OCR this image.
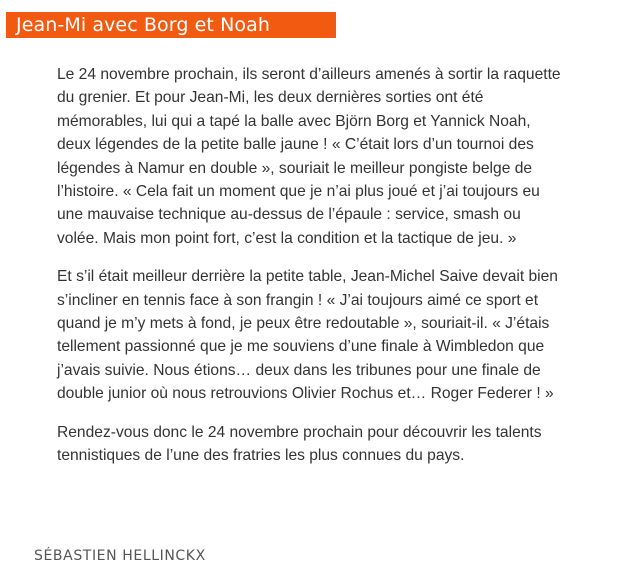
Jean-Mi avec Borg et Noah

Le 24 novembre prochain, ils seront d’ailleurs amenés à sortir la raquette
du grenier. Et pour Jean-Mi, les deux dernières sorties ont été
mémorables, lui qui a tapé la balle avec Björn Borg et Yannick Noah,
deux légendes de la petite balle jaune ! « C’était lors d’un tournoi des
légendes à Namur en double », souriait le meilleur pongiste belge de
l’histoire. « Cela fait un moment que je n’ai plus joué et j’ai toujours eu
une mauvaise technique au-dessus de l’épaule : service, smash ou
volée. Mais mon point fort, c’est la condition et la tactique de jeu. »

Et s’il était meilleur derrière la petite table, Jean-Michel Saive devait bien
s’incliner en tennis face à son frangin ! « J’ai toujours aimé ce sport et
quand je m’y mets à fond, je peux être redoutable », souriait-il. « J’étais
tellement passionné que je me souviens d’une finale à Wimbledon que
j’avais suivie. Nous étions… deux dans les tribunes pour une finale de
double junior où nous retrouvions Olivier Rochus et… Roger Federer ! »

Rendez-vous donc le 24 novembre prochain pour découvrir les talents
tennistiques de l’une des fratries les plus connues du pays.

SÉBASTIEN HELLINCKX
